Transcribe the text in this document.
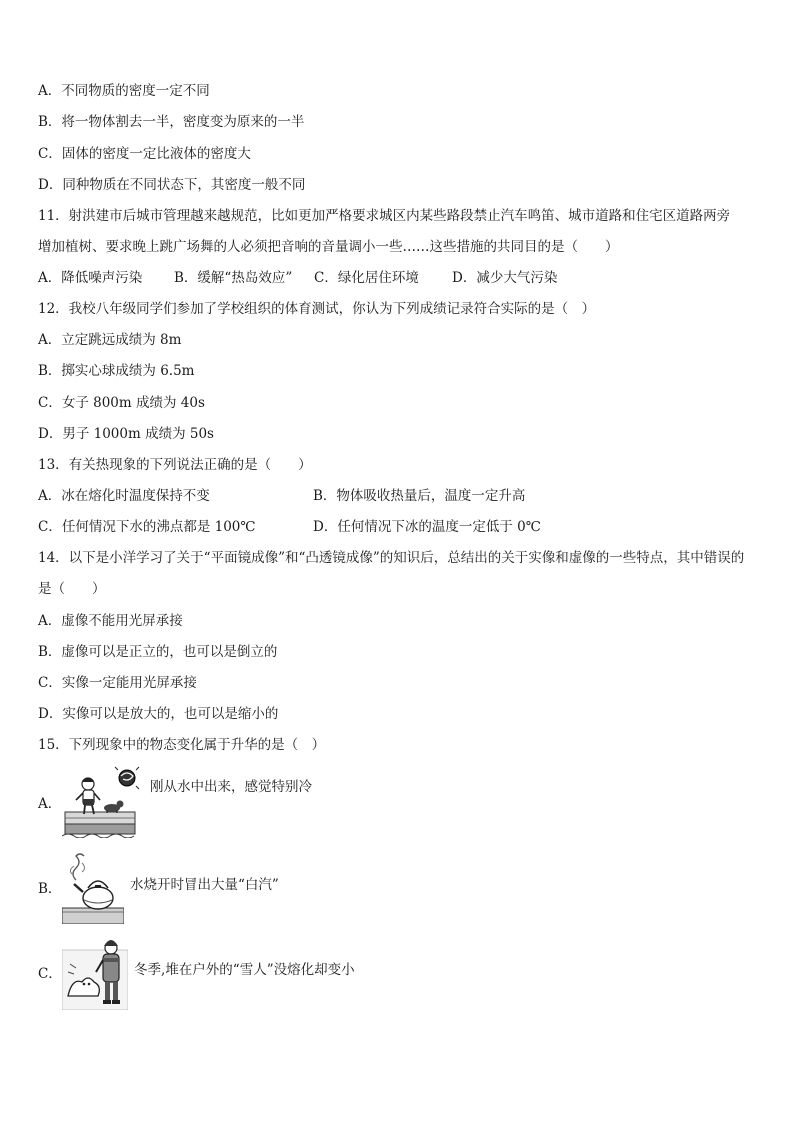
A．不同物质的密度一定不同
B．将一物体割去一半，密度变为原来的一半
C．固体的密度一定比液体的密度大
D．同种物质在不同状态下，其密度一般不同
11．射洪建市后城市管理越来越规范，比如更加严格要求城区内某些路段禁止汽车鸣笛、城市道路和住宅区道路两旁
增加植树、要求晚上跳广场舞的人必须把音响的音量调小一些……这些措施的共同目的是（　　）
A．降低噪声污染 B．缓解“热岛效应” C．绿化居住环境 D．减少大气污染
12．我校八年级同学们参加了学校组织的体育测试，你认为下列成绩记录符合实际的是（　）
A．立定跳远成绩为 8m
B．掷实心球成绩为 6.5m
C．女子 800m 成绩为 40s
D．男子 1000m 成绩为 50s
13．有关热现象的下列说法正确的是（　　）
A．冰在熔化时温度保持不变	B．物体吸收热量后，温度一定升高
C．任何情况下水的沸点都是 100℃	D．任何情况下冰的温度一定低于 0℃
14．以下是小洋学习了关于“平面镜成像”和“凸透镜成像”的知识后，总结出的关于实像和虚像的一些特点，其中错误的
是（　　）
A．虚像不能用光屏承接
B．虚像可以是正立的，也可以是倒立的
C．实像一定能用光屏承接
D．实像可以是放大的，也可以是缩小的
15．下列现象中的物态变化属于升华的是（　）
A．
刚从水中出来，感觉特别冷
B．	水烧开时冒出大量“白汽”
C．	冬季,堆在户外的“雪人”没熔化却变小
